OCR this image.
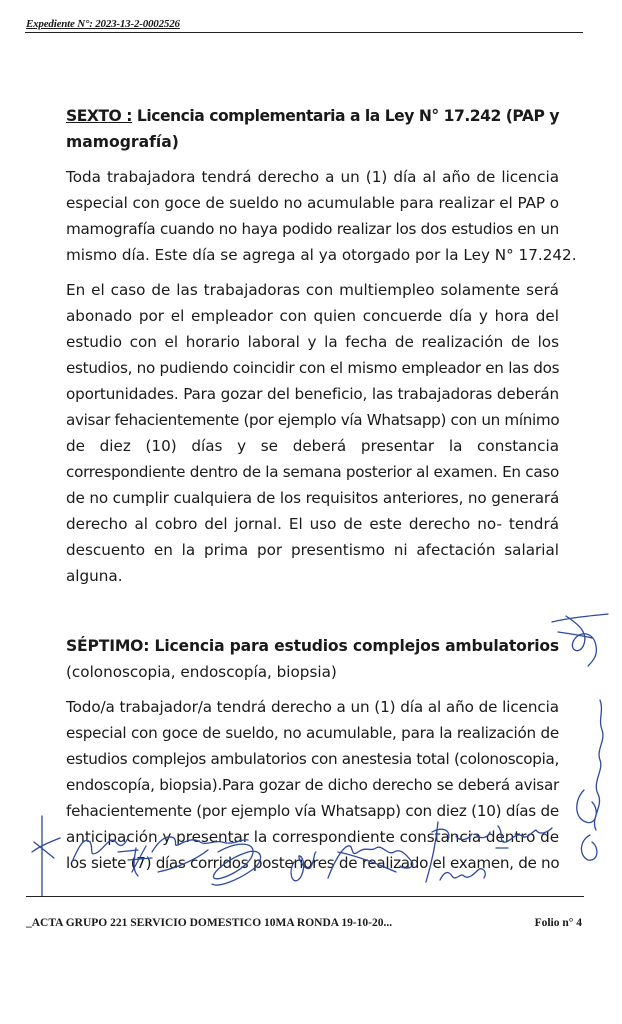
Expediente N°: 2023-13-2-0002526
SEXTO : Licencia complementaria a la Ley N° 17.242 (PAP y
mamografía)

Toda trabajadora tendrá derecho a un (1) día al año de licencia
especial con goce de sueldo no acumulable para realizar el PAP o
mamografía cuando no haya podido realizar los dos estudios en un
mismo día. Este día se agrega al ya otorgado por la Ley N° 17.242.

En el caso de las trabajadoras con multiempleo solamente será
abonado por el empleador con quien concuerde día y hora del
estudio con el horario laboral y la fecha de realización de los
estudios, no pudiendo coincidir con el mismo empleador en las dos
oportunidades. Para gozar del beneficio, las trabajadoras deberán
avisar fehacientemente (por ejemplo vía Whatsapp) con un mínimo
de diez (10) días y se deberá presentar la constancia
correspondiente dentro de la semana posterior al examen. En caso
de no cumplir cualquiera de los requisitos anteriores, no generará
derecho al cobro del jornal. El uso de este derecho no- tendrá
descuento en la prima por presentismo ni afectación salarial
alguna.

SÉPTIMO: Licencia para estudios complejos ambulatorios
(colonoscopia, endoscopía, biopsia)

Todo/a trabajador/a tendrá derecho a un (1) día al año de licencia
especial con goce de sueldo, no acumulable, para la realización de
estudios complejos ambulatorios con anestesia total (colonoscopia,
endoscopía, biopsia).Para gozar de dicho derecho se deberá avisar
fehacientemente (por ejemplo vía Whatsapp) con diez (10) días de
anticipación y presentar la correspondiente constancia dentro de
los siete (7) días corridos posteriores de realizado el examen, de no

_ACTA GRUPO 221 SERVICIO DOMESTICO 10MA RONDA 19-10-20...	Folio n° 4
